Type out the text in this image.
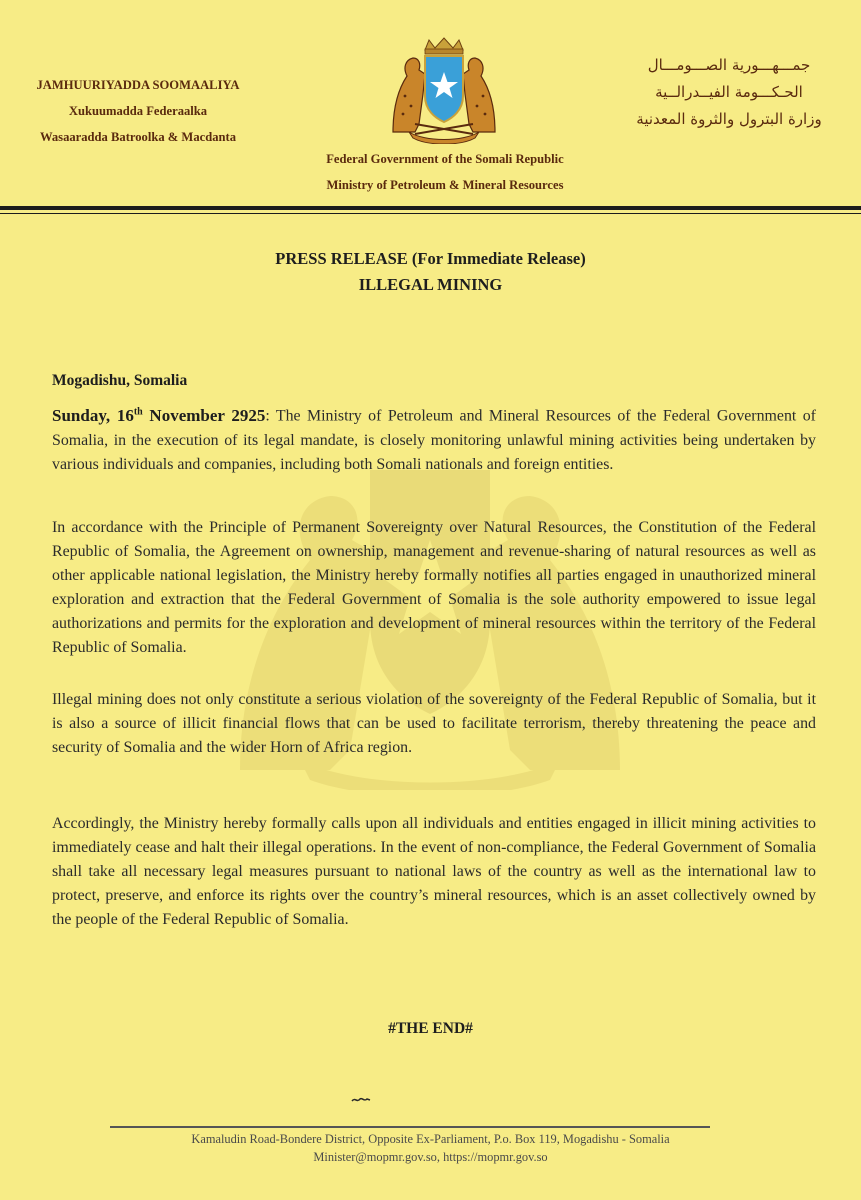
JAMHUURIYADDA SOOMAALIYA
Xukuumadda Federaalka
Wasaaradda Batroolka & Macdanta
Federal Government of the Somali Republic
Ministry of Petroleum & Mineral Resources
جمـــهـــورية الصـــومـــال
الحـكـــومة الفيــدرالــية
وزارة البترول والثروة المعدنية
PRESS RELEASE (For Immediate Release)
ILLEGAL MINING
Mogadishu, Somalia
Sunday, 16th November 2925: The Ministry of Petroleum and Mineral Resources of the Federal Government of Somalia, in the execution of its legal mandate, is closely monitoring unlawful mining activities being undertaken by various individuals and companies, including both Somali nationals and foreign entities.
In accordance with the Principle of Permanent Sovereignty over Natural Resources, the Constitution of the Federal Republic of Somalia, the Agreement on ownership, management and revenue-sharing of natural resources as well as other applicable national legislation, the Ministry hereby formally notifies all parties engaged in unauthorized mineral exploration and extraction that the Federal Government of Somalia is the sole authority empowered to issue legal authorizations and permits for the exploration and development of mineral resources within the territory of the Federal Republic of Somalia.
Illegal mining does not only constitute a serious violation of the sovereignty of the Federal Republic of Somalia, but it is also a source of illicit financial flows that can be used to facilitate terrorism, thereby threatening the peace and security of Somalia and the wider Horn of Africa region.
Accordingly, the Ministry hereby formally calls upon all individuals and entities engaged in illicit mining activities to immediately cease and halt their illegal operations. In the event of non-compliance, the Federal Government of Somalia shall take all necessary legal measures pursuant to national laws of the country as well as the international law to protect, preserve, and enforce its rights over the country’s mineral resources, which is an asset collectively owned by the people of the Federal Republic of Somalia.
#THE END#
Kamaludin Road-Bondere District, Opposite Ex-Parliament, P.o. Box 119, Mogadishu - Somalia
Minister@mopmr.gov.so, https://mopmr.gov.so
